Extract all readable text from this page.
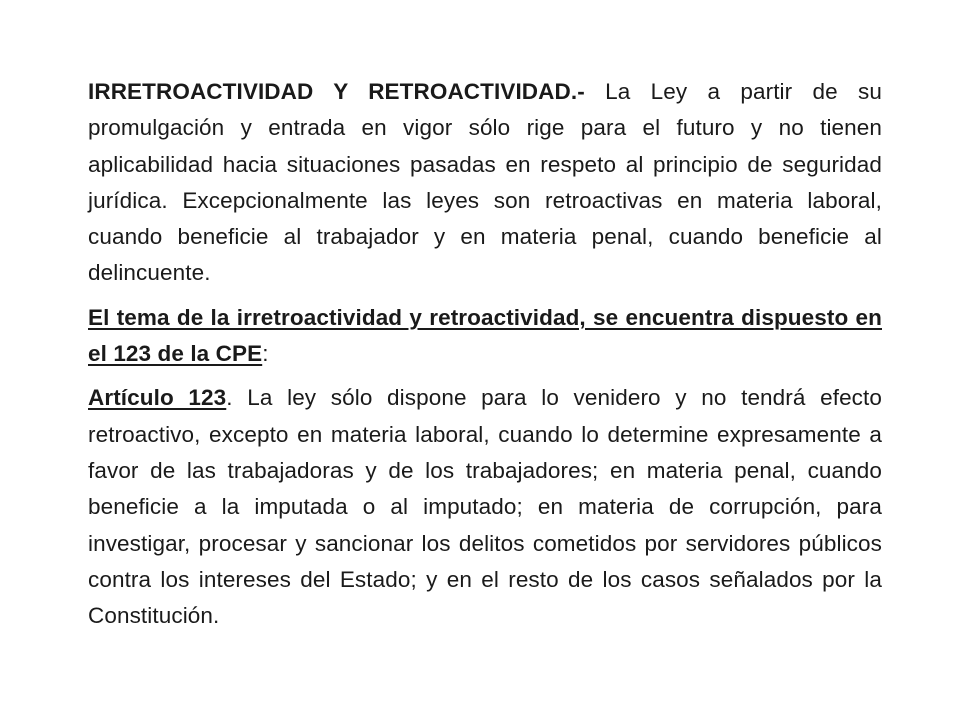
IRRETROACTIVIDAD Y RETROACTIVIDAD.- La Ley a partir de su promulgación y entrada en vigor sólo rige para el futuro y no tienen aplicabilidad hacia situaciones pasadas en respeto al principio de seguridad jurídica. Excepcionalmente las leyes son retroactivas en materia laboral, cuando beneficie al trabajador y en materia penal, cuando beneficie al delincuente.

El tema de la irretroactividad y retroactividad, se encuentra dispuesto en el 123 de la CPE:

Artículo 123. La ley sólo dispone para lo venidero y no tendrá efecto retroactivo, excepto en materia laboral, cuando lo determine expresamente a favor de las trabajadoras y de los trabajadores; en materia penal, cuando beneficie a la imputada o al imputado; en materia de corrupción, para investigar, procesar y sancionar los delitos cometidos por servidores públicos contra los intereses del Estado; y en el resto de los casos señalados por la Constitución.
